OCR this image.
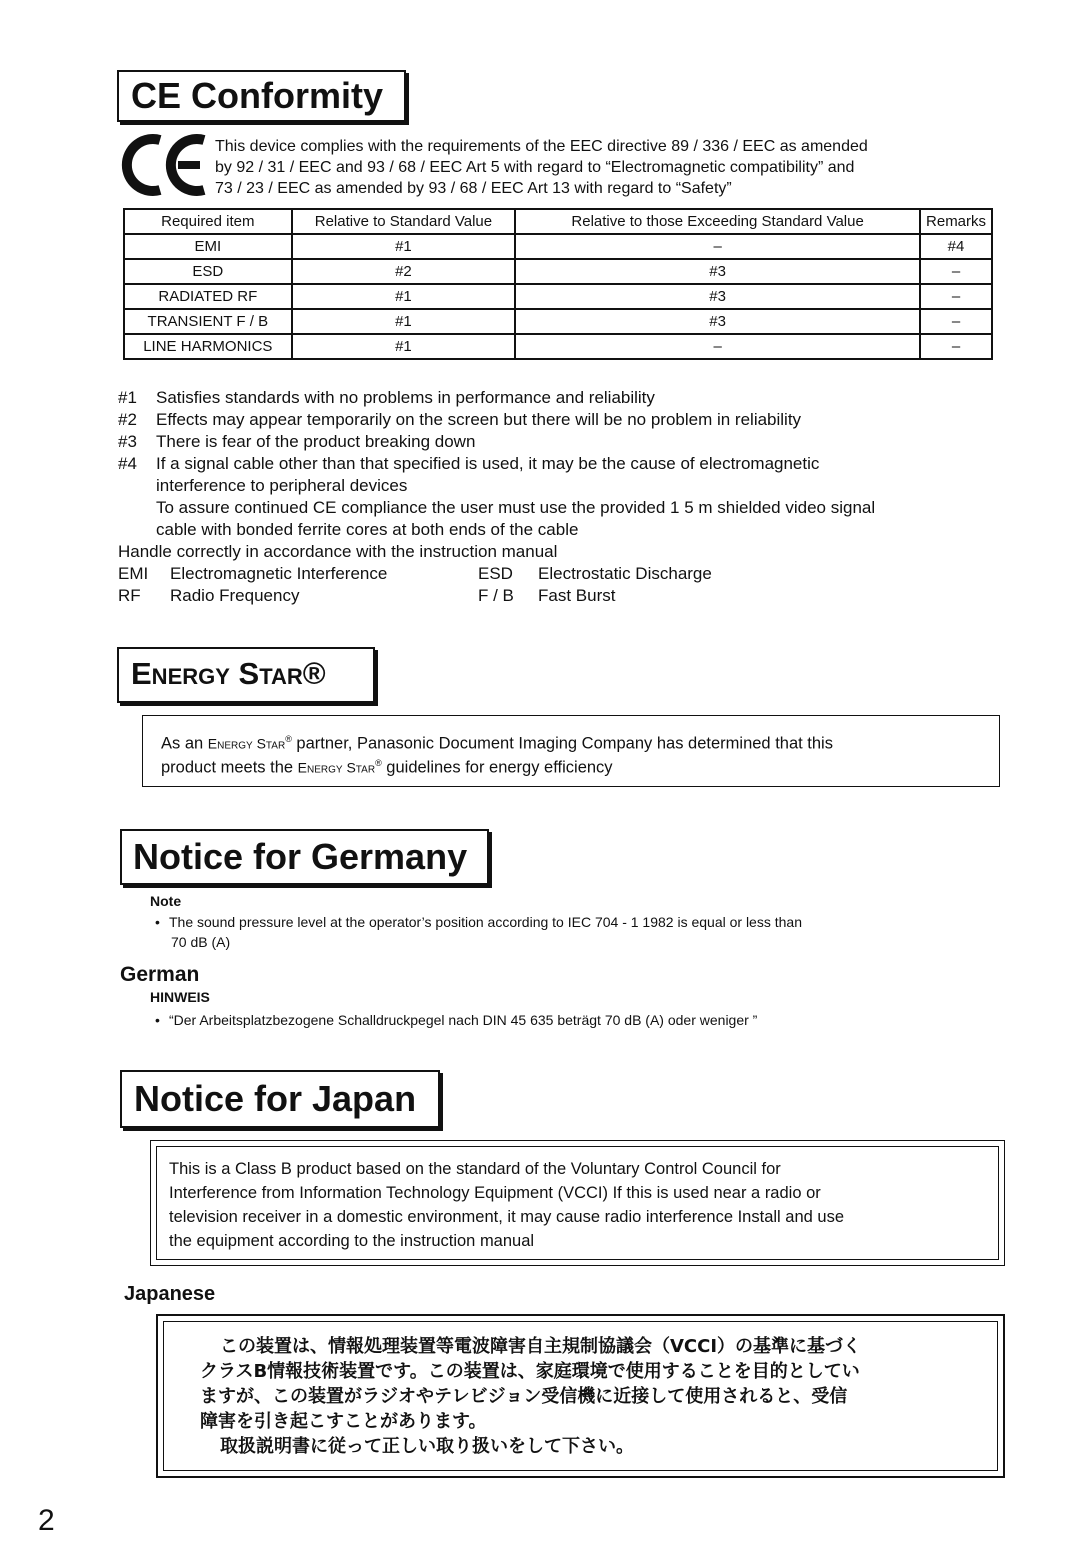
CE Conformity
This device complies with the requirements of the EEC directive 89 / 336 / EEC as amended
by 92 / 31 / EEC and 93 / 68 / EEC Art 5 with regard to “Electromagnetic compatibility” and
73 / 23 / EEC as amended by 93 / 68 / EEC Art 13 with regard to “Safety”
Required item	Relative to Standard Value	Relative to those Exceeding Standard Value	Remarks
EMI	#1	–	#4
ESD	#2	#3	–
RADIATED RF	#1	#3	–
TRANSIENT F / B	#1	#3	–
LINE HARMONICS	#1	–	–
#1 Satisfies standards with no problems in performance and reliability
#2 Effects may appear temporarily on the screen but there will be no problem in reliability
#3 There is fear of the product breaking down
#4 If a signal cable other than that specified is used, it may be the cause of electromagnetic
interference to peripheral devices
To assure continued CE compliance the user must use the provided 1 5 m shielded video signal
cable with bonded ferrite cores at both ends of the cable
Handle correctly in accordance with the instruction manual
EMI Electromagnetic Interference	ESD Electrostatic Discharge
RF Radio Frequency	F / B Fast Burst
Energy Star®
As an Energy Star® partner, Panasonic Document Imaging Company has determined that this
product meets the Energy Star® guidelines for energy efficiency
Notice for Germany
Note
• The sound pressure level at the operator’s position according to IEC 704 - 1 1982 is equal or less than
70 dB (A)
German
HINWEIS
• “Der Arbeitsplatzbezogene Schalldruckpegel nach DIN 45 635 beträgt 70 dB (A) oder weniger ”
Notice for Japan
This is a Class B product based on the standard of the Voluntary Control Council for
Interference from Information Technology Equipment (VCCI) If this is used near a radio or
television receiver in a domestic environment, it may cause radio interference Install and use
the equipment according to the instruction manual
Japanese
この装置は、情報処理装置等電波障害自主規制協議会（VCCI）の基準に基づく
クラスB情報技術装置です。この装置は、家庭環境で使用することを目的としてい
ますが、この装置がラジオやテレビジョン受信機に近接して使用されると、受信
障害を引き起こすことがあります。
取扱説明書に従って正しい取り扱いをして下さい。
2
